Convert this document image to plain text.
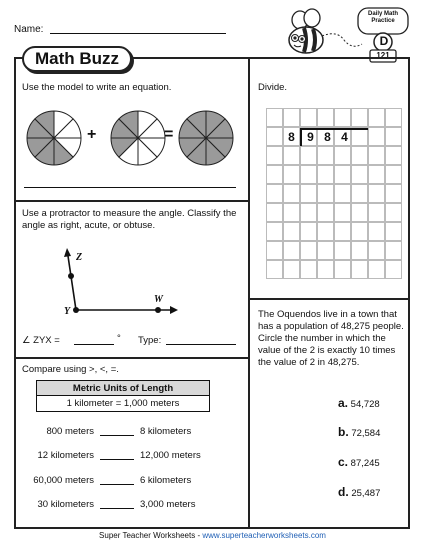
Name:
Daily Math
Practice
D
121
Math Buzz
Use the model to write an equation.
+	=
Divide.
8	9 8 4
Use a protractor to measure the angle. Classify the angle as right, acute, or obtuse.
Z
Y
W
∠ ZYX =	° Type:
The Oquendos live in a town that has a population of 48,275 people. Circle the number in which the value of the 2 is exactly 10 times the value of 2 in 48,275.
a. 54,728
b. 72,584
c. 87,245
d. 25,487
Compare using >, <, =.
Metric Units of Length
1 kilometer = 1,000 meters
800 meters	8 kilometers
12 kilometers	12,000 meters
60,000 meters	6 kilometers
30 kilometers	3,000 meters
Super Teacher Worksheets - www.superteacherworksheets.com
